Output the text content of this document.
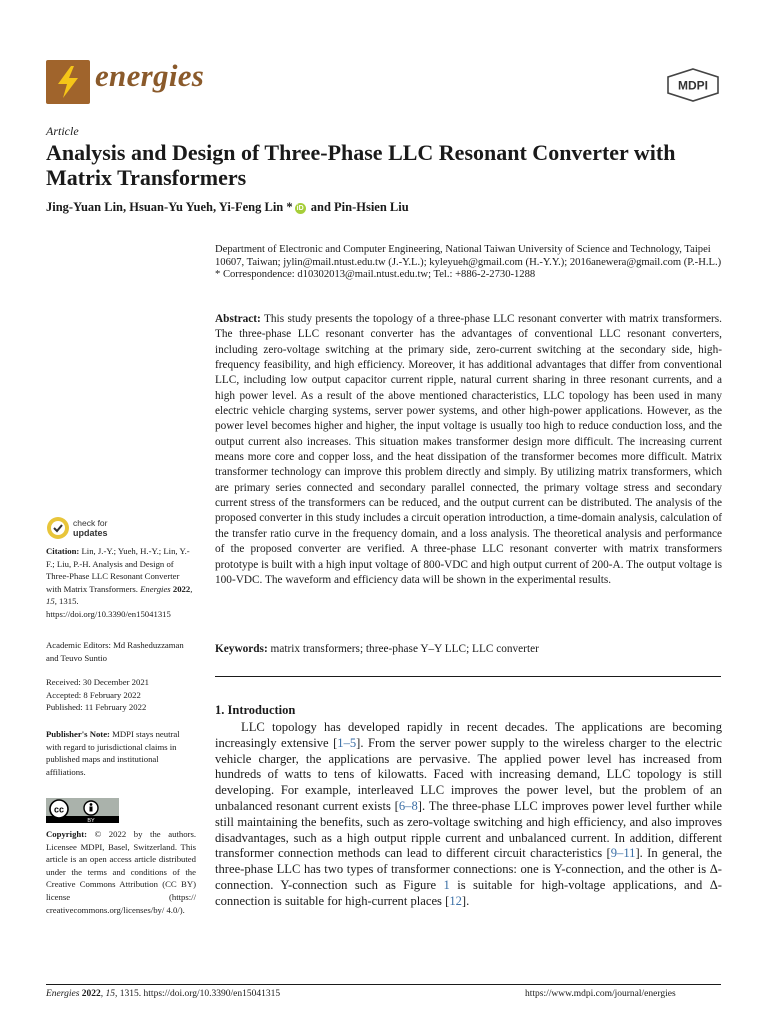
energies	MDPI
Article
Analysis and Design of Three-Phase LLC Resonant Converter with Matrix Transformers
Jing-Yuan Lin, Hsuan-Yu Yueh, Yi-Feng Lin * iD and Pin-Hsien Liu
Department of Electronic and Computer Engineering, National Taiwan University of Science and Technology, Taipei 10607, Taiwan; jylin@mail.ntust.edu.tw (J.-Y.L.); kyleyueh@gmail.com (H.-Y.Y.); 2016anewera@gmail.com (P.-H.L.)
* Correspondence: d10302013@mail.ntust.edu.tw; Tel.: +886-2-2730-1288
Abstract: This study presents the topology of a three-phase LLC resonant converter with matrix transformers. The three-phase LLC resonant converter has the advantages of conventional LLC resonant converters, including zero-voltage switching at the primary side, zero-current switching at the secondary side, high-frequency feasibility, and high efficiency. Moreover, it has additional advantages that differ from conventional LLC, including low output capacitor current ripple, natural current sharing in three resonant currents, and a high power level. As a result of the above mentioned characteristics, LLC topology has been used in many electric vehicle charging systems, server power systems, and other high-power applications. However, as the power level becomes higher and higher, the input voltage is usually too high to reduce conduction loss, and the output current also increases. This situation makes transformer design more difficult. The increasing current means more core and copper loss, and the heat dissipation of the transformer becomes more difficult. Matrix transformer technology can improve this problem directly and simply. By utilizing matrix transformers, which are primary series connected and secondary parallel connected, the primary voltage stress and secondary current stress of the transformers can be reduced, and the output current can be distributed. The analysis of the proposed converter in this study includes a circuit operation introduction, a time-domain analysis, calculation of the transfer ratio curve in the frequency domain, and a loss analysis. The theoretical analysis and performance of the proposed converter are verified. A three-phase LLC resonant converter with matrix transformers prototype is built with a high input voltage of 800-VDC and high output current of 200-A. The output voltage is 100-VDC. The waveform and efficiency data will be shown in the experimental results.
Keywords: matrix transformers; three-phase Y–Y LLC; LLC converter
1. Introduction
LLC topology has developed rapidly in recent decades. The applications are becoming increasingly extensive [1–5]. From the server power supply to the wireless charger to the electric vehicle charger, the applications are pervasive. The applied power level has increased from hundreds of watts to tens of kilowatts. Faced with increasing demand, LLC topology is still developing. For example, interleaved LLC improves the power level, but the problem of an unbalanced resonant current exists [6–8]. The three-phase LLC improves power level further while still maintaining the benefits, such as zero-voltage switching and high efficiency, and also improves disadvantages, such as a high output ripple current and unbalanced current. In addition, different transformer connection methods can lead to different circuit characteristics [9–11]. In general, the three-phase LLC has two types of transformer connections: one is Y-connection, and the other is Δ-connection. Y-connection such as Figure 1 is suitable for high-voltage applications, and Δ-connection is suitable for high-current places [12].
check for
updates
Citation: Lin, J.-Y.; Yueh, H.-Y.; Lin, Y.-F.; Liu, P.-H. Analysis and Design of Three-Phase LLC Resonant Converter with Matrix Transformers. Energies 2022, 15, 1315. https://doi.org/10.3390/en15041315
Academic Editors: Md Rasheduzzaman and Teuvo Suntio
Received: 30 December 2021
Accepted: 8 February 2022
Published: 11 February 2022
Publisher's Note: MDPI stays neutral with regard to jurisdictional claims in published maps and institutional affiliations.
cc
BY
Copyright: © 2022 by the authors. Licensee MDPI, Basel, Switzerland. This article is an open access article distributed under the terms and conditions of the Creative Commons Attribution (CC BY) license (https:// creativecommons.org/licenses/by/ 4.0/).
Energies 2022, 15, 1315. https://doi.org/10.3390/en15041315	https://www.mdpi.com/journal/energies
